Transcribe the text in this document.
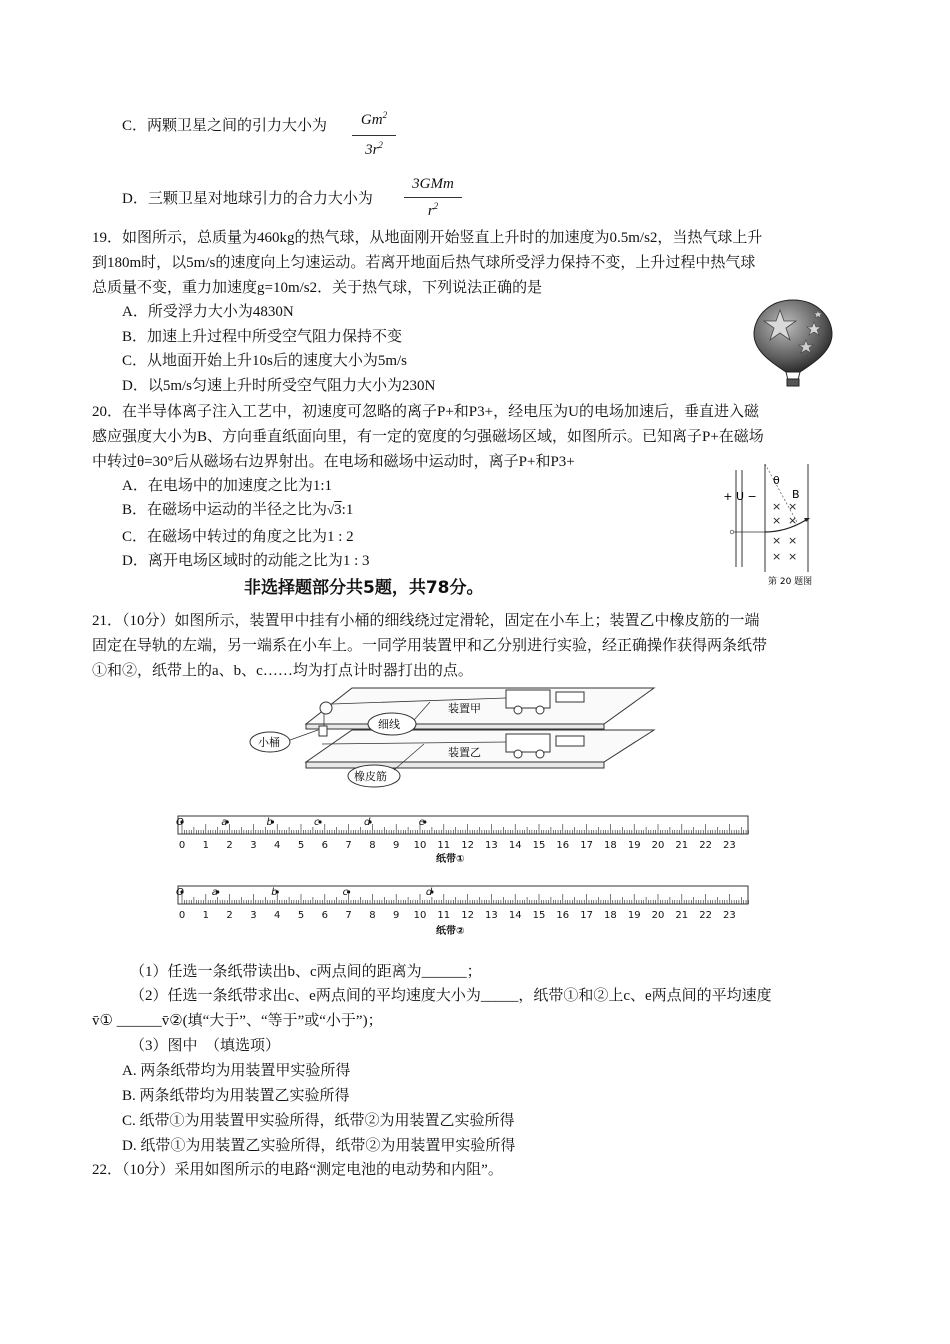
C．两颗卫星之间的引力大小为	Gm$^2$
$3r^2$
D．三颗卫星对地球引力的合力大小为
3GMm
$r^2$
19．如图所示，总质量为460kg的热气球，从地面刚开始竖直上升时的加速度为0.5m/s2，当热气球上升
到180m时，以5m/s的速度向上匀速运动。若离开地面后热气球所受浮力保持不变，上升过程中热气球
总质量不变，重力加速度g=10m/s2．关于热气球，下列说法正确的是
A．所受浮力大小为4830N
B．加速上升过程中所受空气阻力保持不变
C．从地面开始上升10s后的速度大小为5m/s
D．以5m/s匀速上升时所受空气阻力大小为230N
20．在半导体离子注入工艺中，初速度可忽略的离子P+和P3+，经电压为U的电场加速后，垂直进入磁
感应强度大小为B、方向垂直纸面向里，有一定的宽度的匀强磁场区域，如图所示。已知离子P+在磁场
中转过θ=30°后从磁场右边界射出。在电场和磁场中运动时，离子P+和P3+
A．在电场中的加速度之比为1:1
B．在磁场中运动的半径之比为√3:1
C．在磁场中转过的角度之比为1 : 2
D．离开电场区域时的动能之比为1 : 3
+ U −
θ
B
× ×
× ×
× ×
× ×
第 20 题图
非选择题部分共5题，共78分。
21．（10分）如图所示，装置甲中挂有小桶的细线绕过定滑轮，固定在小车上；装置乙中橡皮筋的一端
固定在导轨的左端，另一端系在小车上。一同学用装置甲和乙分别进行实验，经正确操作获得两条纸带
①和②，纸带上的a、b、c……均为打点计时器打出的点。
小桶
细线
橡皮筋
装置甲
装置乙
O	a	b	c	d	e
0 1 2 3 4 5 6 7 8 9 10 11 12 13 14 15 16 17 18 19 20 21 22 23
纸带①
O	a	b	c	d
0 1 2 3 4 5 6 7 8 9 10 11 12 13 14 15 16 17 18 19 20 21 22 23
纸带②
（1）任选一条纸带读出b、c两点间的距离为______；
（2）任选一条纸带求出c、e两点间的平均速度大小为_____，纸带①和②上c、e两点间的平均速度
v̄① ______v̄②(填“大于”、“等于”或“小于”)；
（3）图中　（填选项）
A. 两条纸带均为用装置甲实验所得
B. 两条纸带均为用装置乙实验所得
C. 纸带①为用装置甲实验所得，纸带②为用装置乙实验所得
D. 纸带①为用装置乙实验所得，纸带②为用装置甲实验所得
22．（10分）采用如图所示的电路“测定电池的电动势和内阻”。
